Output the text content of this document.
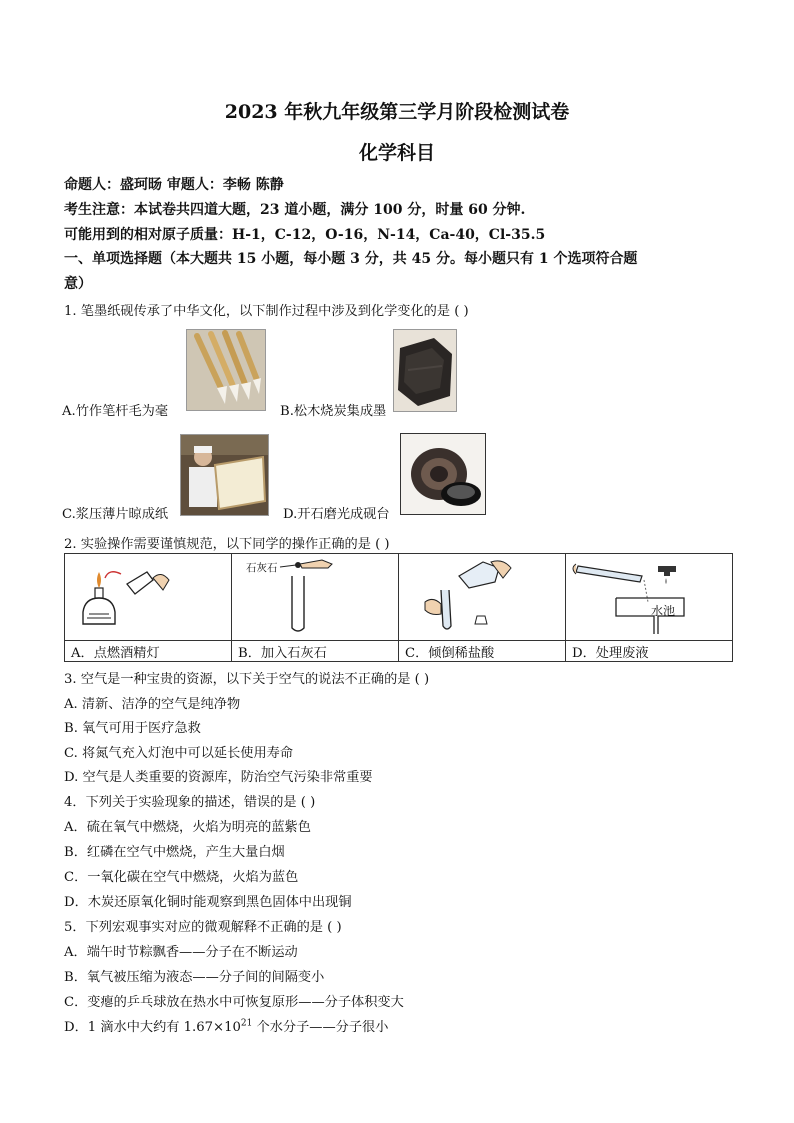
2023 年秋九年级第三学月阶段检测试卷
化学科目
命题人：盛珂旸 审题人：李畅 陈静
考生注意：本试卷共四道大题，23 道小题，满分 100 分，时量 60 分钟.
可能用到的相对原子质量：H-1，C-12，O-16，N-14，Ca-40，Cl-35.5
一、单项选择题（本大题共 15 小题，每小题 3 分，共 45 分。每小题只有 1 个选项符合题
意）
1. 笔墨纸砚传承了中华文化，以下制作过程中涉及到化学变化的是 ( )
A.竹作笔杆毛为毫	B.松木烧炭集成墨
C.浆压薄片晾成纸	D.开石磨光成砚台
2. 实验操作需要谨慎规范，以下同学的操作正确的是 ( )

石灰石		水池

A．点燃酒精灯	B．加入石灰石	C．倾倒稀盐酸	D．处理废液
3. 空气是一种宝贵的资源，以下关于空气的说法不正确的是 ( )
A. 清新、洁净的空气是纯净物
B. 氧气可用于医疗急救
C. 将氮气充入灯泡中可以延长使用寿命
D. 空气是人类重要的资源库，防治空气污染非常重要
4．下列关于实验现象的描述，错误的是 ( )
A．硫在氧气中燃烧，火焰为明亮的蓝紫色
B．红磷在空气中燃烧，产生大量白烟
C．一氧化碳在空气中燃烧，火焰为蓝色
D．木炭还原氧化铜时能观察到黑色固体中出现铜
5．下列宏观事实对应的微观解释不正确的是 ( )
A．端午时节粽飘香——分子在不断运动
B．氧气被压缩为液态——分子间的间隔变小
C．变瘪的乒乓球放在热水中可恢复原形——分子体积变大
D．1 滴水中大约有 $1.67\times 10^{21}$ 个水分子——分子很小
